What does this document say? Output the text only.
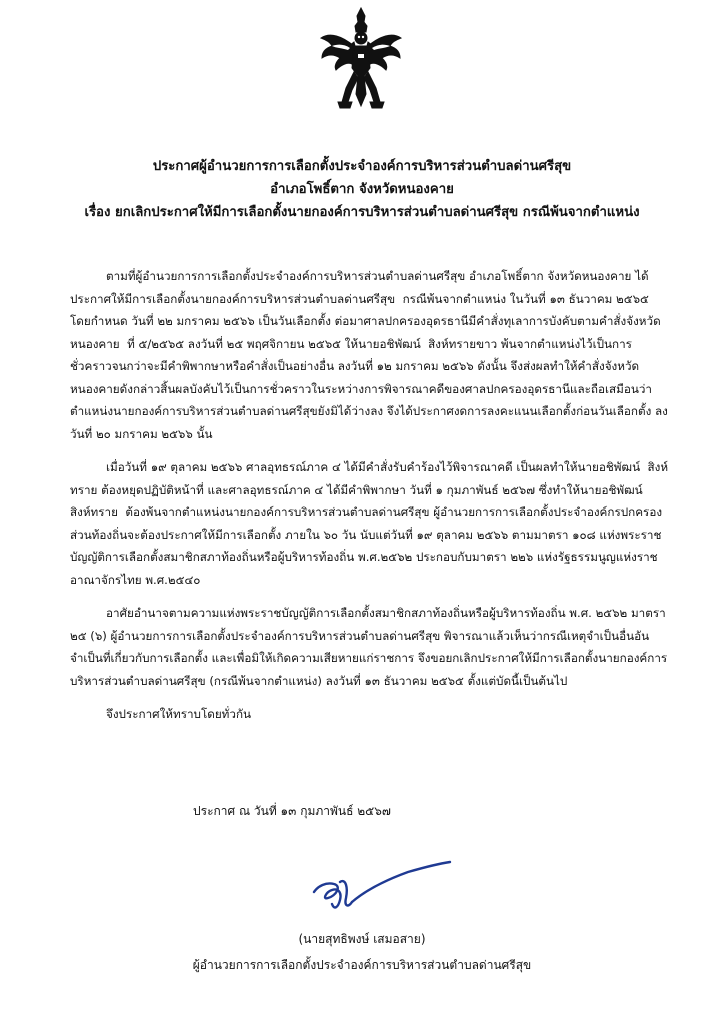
ประกาศผู้อำนวยการการเลือกตั้งประจำองค์การบริหารส่วนตำบลด่านศรีสุข
อำเภอโพธิ์ตาก จังหวัดหนองคาย
เรื่อง ยกเลิกประกาศให้มีการเลือกตั้งนายกองค์การบริหารส่วนตำบลด่านศรีสุข กรณีพ้นจากตำแหน่ง

ตามที่ผู้อำนวยการการเลือกตั้งประจำองค์การบริหารส่วนตำบลด่านศรีสุข อำเภอโพธิ์ตาก จังหวัดหนองคาย ได้ประกาศให้มีการเลือกตั้งนายกองค์การบริหารส่วนตำบลด่านศรีสุข  กรณีพ้นจากตำแหน่ง ในวันที่ ๑๓ ธันวาคม ๒๕๖๕ โดยกำหนด วันที่ ๒๒ มกราคม ๒๕๖๖ เป็นวันเลือกตั้ง ต่อมาศาลปกครองอุดรธานีมีคำสั่งทุเลาการบังคับตามคำสั่งจังหวัดหนองคาย  ที่ ๕/๒๕๖๕ ลงวันที่ ๒๕ พฤศจิกายน ๒๕๖๕ ให้นายอชิพัฒน์  สิงห์ทรายขาว พ้นจากตำแหน่งไว้เป็นการชั่วคราวจนกว่าจะมีคำพิพากษาหรือคำสั่งเป็นอย่างอื่น ลงวันที่ ๑๒ มกราคม ๒๕๖๖ ดังนั้น จึงส่งผลทำให้คำสั่งจังหวัดหนองคายดังกล่าวสิ้นผลบังคับไว้เป็นการชั่วคราวในระหว่างการพิจารณาคดีของศาลปกครองอุดรธานีและถือเสมือนว่าตำแหน่งนายกองค์การบริหารส่วนตำบลด่านศรีสุขยังมิได้ว่างลง จึงได้ประกาศงดการลงคะแนนเลือกตั้งก่อนวันเลือกตั้ง ลงวันที่ ๒๐ มกราคม ๒๕๖๖ นั้น

เมื่อวันที่ ๑๙ ตุลาคม ๒๕๖๖ ศาลอุทธรณ์ภาค ๔ ได้มีคำสั่งรับคำร้องไว้พิจารณาคดี เป็นผลทำให้นายอชิพัฒน์  สิงห์ทราย ต้องหยุดปฏิบัติหน้าที่ และศาลอุทธรณ์ภาค ๔ ได้มีคำพิพากษา วันที่ ๑ กุมภาพันธ์ ๒๕๖๗ ซึ่งทำให้นายอชิพัฒน์  สิงห์ทราย  ต้องพ้นจากตำแหน่งนายกองค์การบริหารส่วนตำบลด่านศรีสุข ผู้อำนวยการการเลือกตั้งประจำองค์กรปกครองส่วนท้องถิ่นจะต้องประกาศให้มีการเลือกตั้ง ภายใน ๖๐ วัน นับแต่วันที่ ๑๙ ตุลาคม ๒๕๖๖ ตามมาตรา ๑๐๘ แห่งพระราชบัญญัติการเลือกตั้งสมาชิกสภาท้องถิ่นหรือผู้บริหารท้องถิ่น พ.ศ.๒๕๖๒ ประกอบกับมาตรา ๒๒๖ แห่งรัฐธรรมนูญแห่งราชอาณาจักรไทย พ.ศ.๒๕๔๐

อาศัยอำนาจตามความแห่งพระราชบัญญัติการเลือกตั้งสมาชิกสภาท้องถิ่นหรือผู้บริหารท้องถิ่น พ.ศ. ๒๕๖๒ มาตรา ๒๕ (๖) ผู้อำนวยการการเลือกตั้งประจำองค์การบริหารส่วนตำบลด่านศรีสุข พิจารณาแล้วเห็นว่ากรณีเหตุจำเป็นอื่นอันจำเป็นที่เกี่ยวกับการเลือกตั้ง และเพื่อมิให้เกิดความเสียหายแก่ราชการ จึงขอยกเลิกประกาศให้มีการเลือกตั้งนายกองค์การบริหารส่วนตำบลด่านศรีสุข (กรณีพ้นจากตำแหน่ง) ลงวันที่ ๑๓ ธันวาคม ๒๕๖๕ ตั้งแต่บัดนี้เป็นต้นไป

จึงประกาศให้ทราบโดยทั่วกัน

ประกาศ ณ วันที่ ๑๓ กุมภาพันธ์ ๒๕๖๗
(นายสุทธิพงษ์ เสมอสาย)
ผู้อำนวยการการเลือกตั้งประจำองค์การบริหารส่วนตำบลด่านศรีสุข
